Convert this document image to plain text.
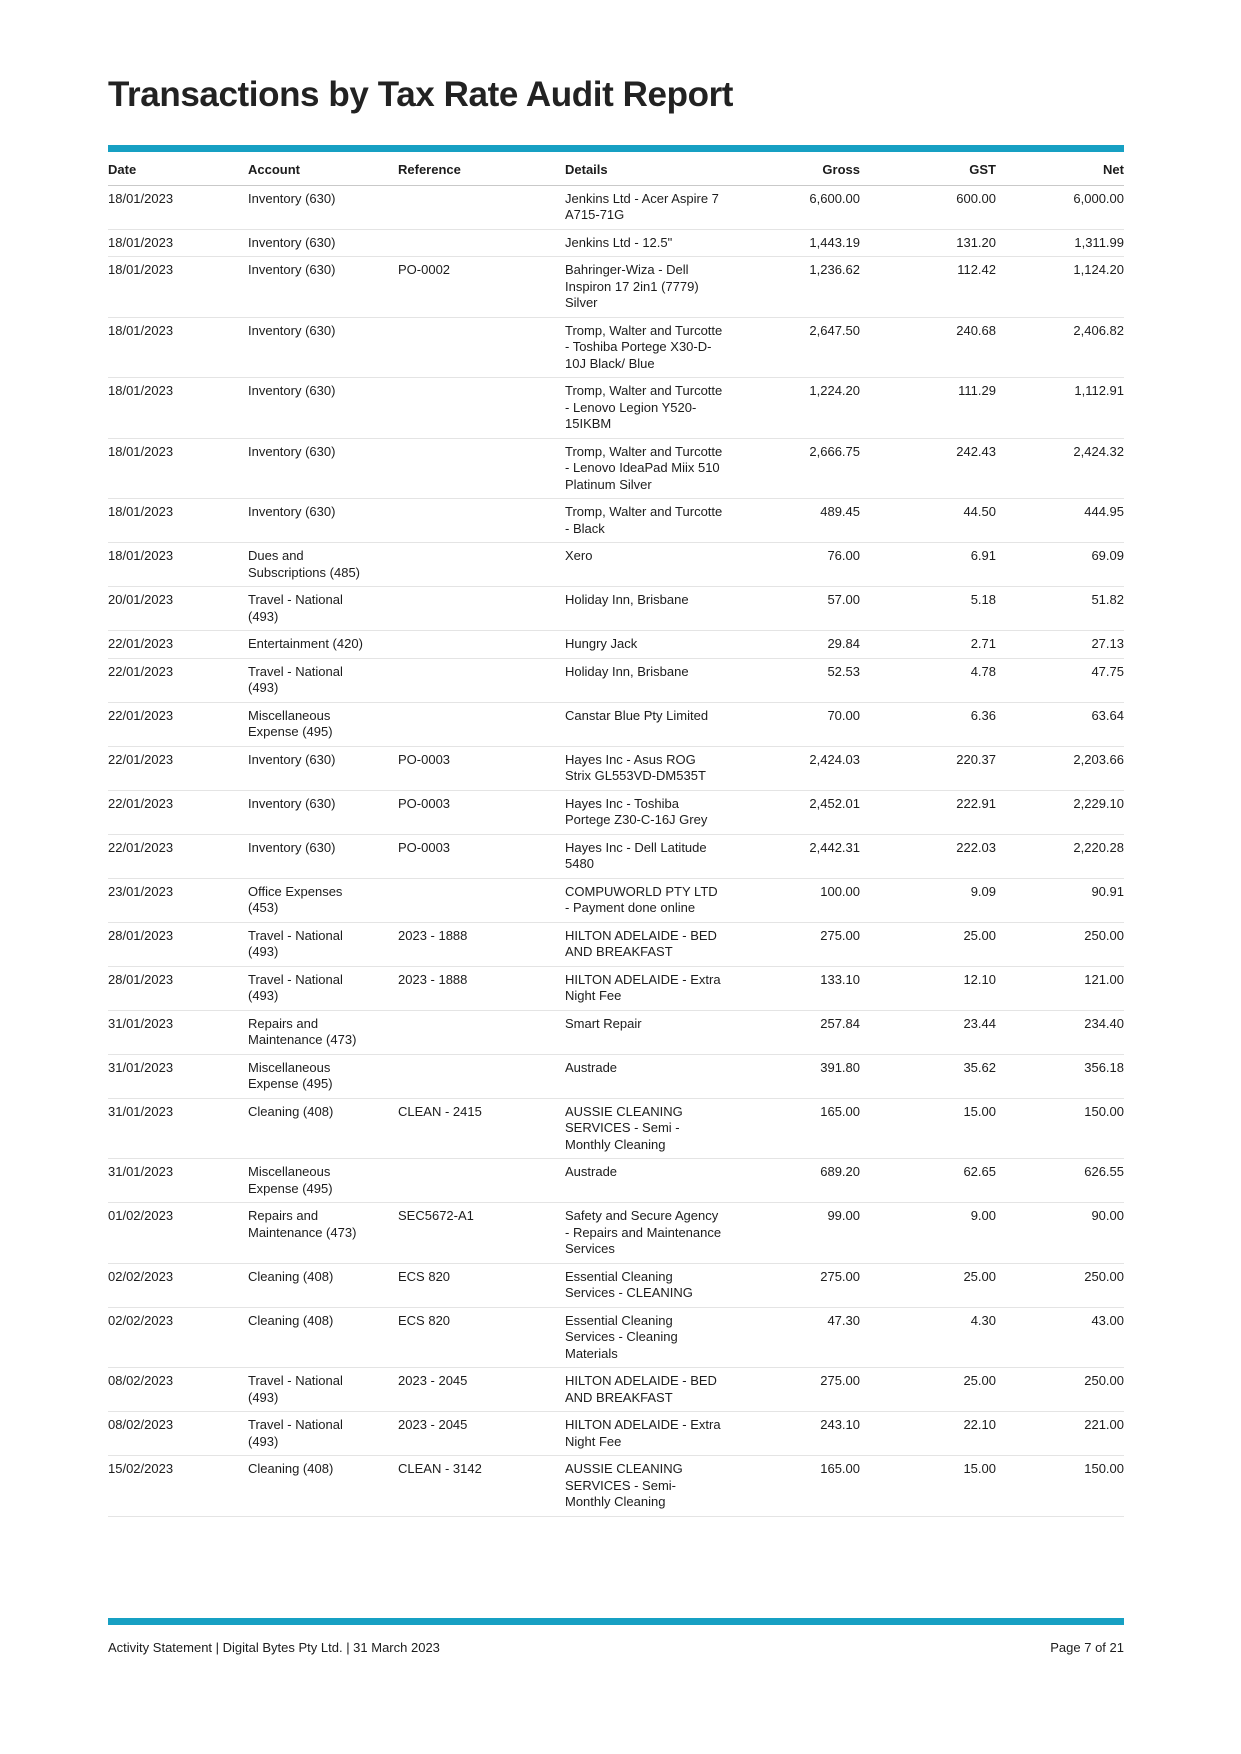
Transactions by Tax Rate Audit Report
Date	Account	Reference	Details	Gross	GST	Net
18/01/2023	Inventory (630)		Jenkins Ltd - Acer Aspire 7 A715-71G	6,600.00	600.00	6,000.00
18/01/2023	Inventory (630)		Jenkins Ltd - 12.5"	1,443.19	131.20	1,311.99
18/01/2023	Inventory (630)	PO-0002	Bahringer-Wiza - Dell Inspiron 17 2in1 (7779) Silver	1,236.62	112.42	1,124.20
18/01/2023	Inventory (630)		Tromp, Walter and Turcotte - Toshiba Portege X30-D-10J Black/ Blue	2,647.50	240.68	2,406.82
18/01/2023	Inventory (630)		Tromp, Walter and Turcotte - Lenovo Legion Y520-15IKBM	1,224.20	111.29	1,112.91
18/01/2023	Inventory (630)		Tromp, Walter and Turcotte - Lenovo IdeaPad Miix 510 Platinum Silver	2,666.75	242.43	2,424.32
18/01/2023	Inventory (630)		Tromp, Walter and Turcotte - Black	489.45	44.50	444.95
18/01/2023	Dues and Subscriptions (485)		Xero	76.00	6.91	69.09
20/01/2023	Travel - National (493)		Holiday Inn, Brisbane	57.00	5.18	51.82
22/01/2023	Entertainment (420)		Hungry Jack	29.84	2.71	27.13
22/01/2023	Travel - National (493)		Holiday Inn, Brisbane	52.53	4.78	47.75
22/01/2023	Miscellaneous Expense (495)		Canstar Blue Pty Limited	70.00	6.36	63.64
22/01/2023	Inventory (630)	PO-0003	Hayes Inc - Asus ROG Strix GL553VD-DM535T	2,424.03	220.37	2,203.66
22/01/2023	Inventory (630)	PO-0003	Hayes Inc - Toshiba Portege Z30-C-16J Grey	2,452.01	222.91	2,229.10
22/01/2023	Inventory (630)	PO-0003	Hayes Inc - Dell Latitude 5480	2,442.31	222.03	2,220.28
23/01/2023	Office Expenses (453)		COMPUWORLD PTY LTD - Payment done online	100.00	9.09	90.91
28/01/2023	Travel - National (493)	2023 - 1888	HILTON ADELAIDE - BED AND BREAKFAST	275.00	25.00	250.00
28/01/2023	Travel - National (493)	2023 - 1888	HILTON ADELAIDE - Extra Night Fee	133.10	12.10	121.00
31/01/2023	Repairs and Maintenance (473)		Smart Repair	257.84	23.44	234.40
31/01/2023	Miscellaneous Expense (495)		Austrade	391.80	35.62	356.18
31/01/2023	Cleaning (408)	CLEAN - 2415	AUSSIE CLEANING SERVICES - Semi - Monthly Cleaning	165.00	15.00	150.00
31/01/2023	Miscellaneous Expense (495)		Austrade	689.20	62.65	626.55
01/02/2023	Repairs and Maintenance (473)	SEC5672-A1	Safety and Secure Agency - Repairs and Maintenance Services	99.00	9.00	90.00
02/02/2023	Cleaning (408)	ECS 820	Essential Cleaning Services - CLEANING	275.00	25.00	250.00
02/02/2023	Cleaning (408)	ECS 820	Essential Cleaning Services - Cleaning Materials	47.30	4.30	43.00
08/02/2023	Travel - National (493)	2023 - 2045	HILTON ADELAIDE - BED AND BREAKFAST	275.00	25.00	250.00
08/02/2023	Travel - National (493)	2023 - 2045	HILTON ADELAIDE - Extra Night Fee	243.10	22.10	221.00
15/02/2023	Cleaning (408)	CLEAN - 3142	AUSSIE CLEANING SERVICES - Semi- Monthly Cleaning	165.00	15.00	150.00
Activity Statement | Digital Bytes Pty Ltd. | 31 March 2023	Page 7 of 21
